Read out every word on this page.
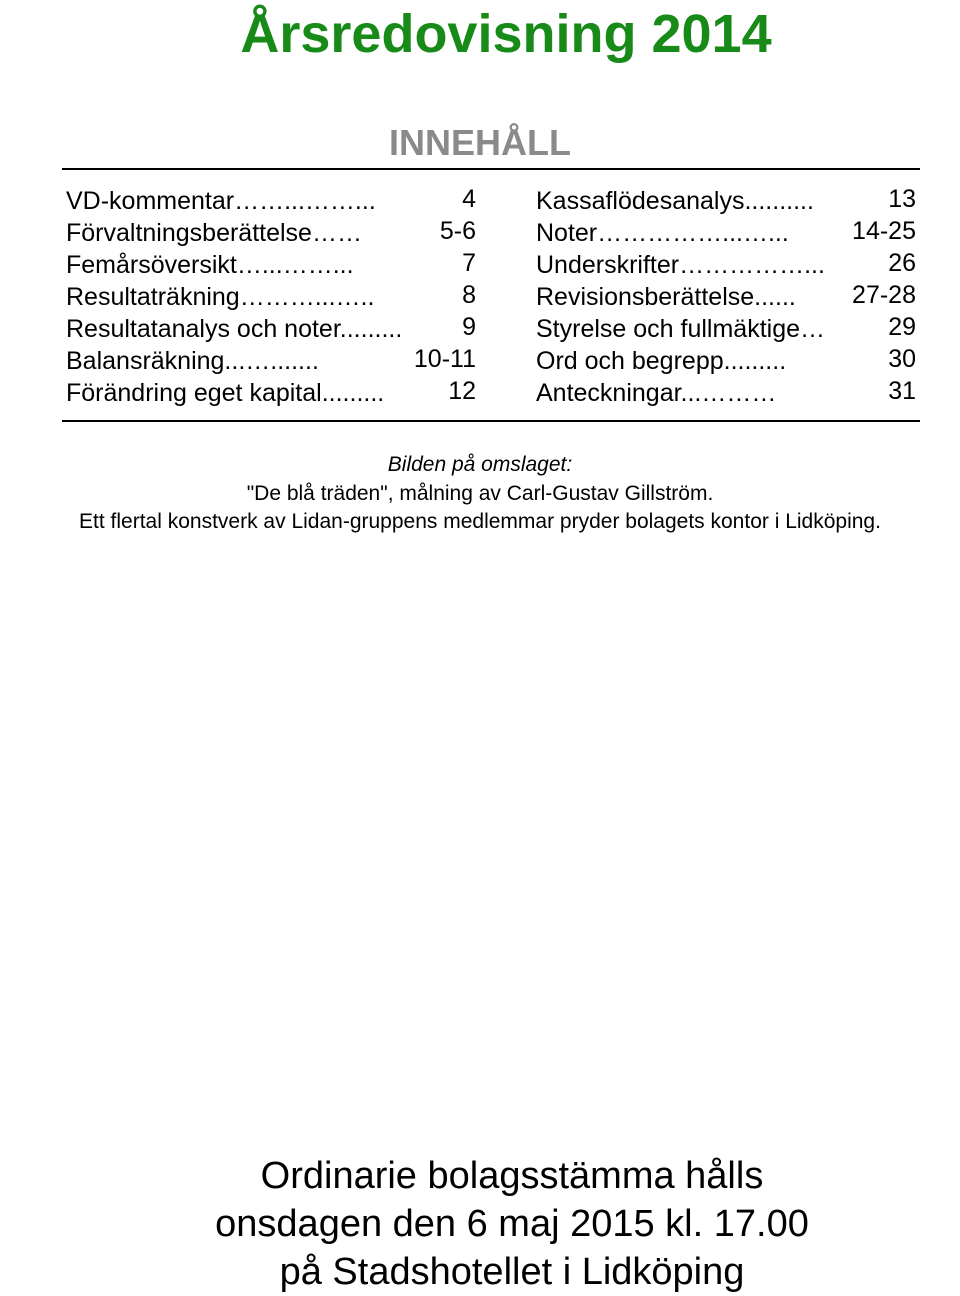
Årsredovisning 2014
INNEHÅLL
VD-kommentar……...……...	4
Förvaltningsberättelse……	5-6
Femårsöversikt…...……...	7
Resultaträkning………...…..	8
Resultatanalys och noter......... 9
Balansräkning...….......	10-11
Förändring eget kapital.........	12
Kassaflödesanalys..........	13
Noter……………...…...	14-25
Underskrifter……………...	26
Revisionsberättelse...... 27-28
Styrelse och fullmäktige…	29
Ord och begrepp.........	30
Anteckningar...………	31

Bilden på omslaget:

"De blå träden", målning av Carl-Gustav Gillström.

Ett flertal konstverk av Lidan-gruppens medlemmar pryder bolagets kontor i Lidköping.

Ordinarie bolagsstämma hålls

onsdagen den 6 maj 2015 kl. 17.00

på Stadshotellet i Lidköping
